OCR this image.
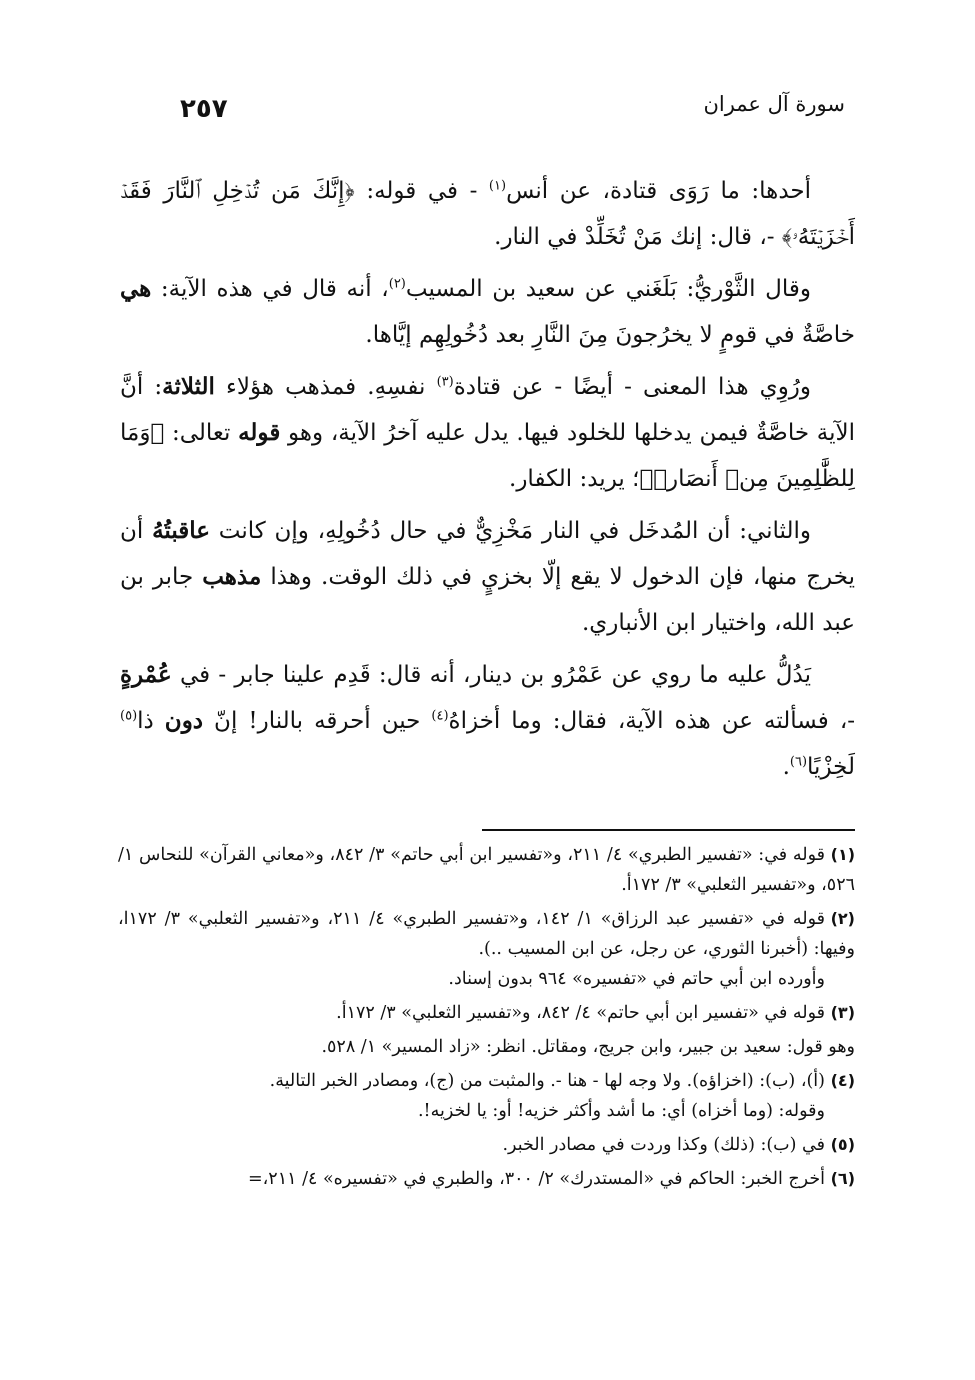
سورة آل عمران
٢٥٧

أحدها: ما رَوَى قتادة، عن أنس$^{(١)}$ - في قوله: ﴿إِنَّكَ مَن تُدۡخِلِ ٱلنَّارَ فَقَدۡ أَخۡزَيۡتَهُۥ﴾ -، قال: إنك مَنْ تُخَلِّدْ في النار.

وقال الثَّوْريُّ: بَلَغَني عن سعيد بن المسيب$^{(٢)}$، أنه قال في هذه الآية: هي خاصَّةٌ في قومٍ لا يخرُجونَ مِنَ النَّارِ بعد دُخُولِهِم إيَّاها.

ورُوِي هذا المعنى - أيضًا - عن قتادة$^{(٣)}$ نفسِهِ. فمذهب هؤلاء الثلاثة: أنَّ الآية خاصَّةٌ فيمن يدخلها للخلود فيها. يدل عليه آخرُ الآية، وهو قوله تعالى: ﴿وَمَا لِلظَّٰلِمِينَ مِنۡ أَنصَارٖ﴾؛ يريد: الكفار.

والثاني: أن المُدخَل في النار مَخْزِيٌّ في حال دُخُولِهِ، وإن كانت عاقبتُهُ أن يخرج منها، فإن الدخول لا يقع إلّا بخزيٍ في ذلك الوقت. وهذا مذهب جابر بن عبد الله، واختيار ابن الأنباري.

يَدُلُّ عليه ما روي عن عَمْرُو بن دينار، أنه قال: قَدِم علينا جابر - في عُمْرةٍ -، فسألته عن هذه الآية، فقال: وما أخزاهُ$^{(٤)}$ حين أحرقه بالنار! إنّ دون ذا$^{(٥)}$ لَخِزْيًا$^{(٦)}$.

(١)قوله في: «تفسير الطبري» ٤/ ٢١١، و«تفسير ابن أبي حاتم» ٣/ ٨٤٢، و«معاني القرآن» للنحاس ١/ ٥٢٦، و«تفسير الثعلبي» ٣/ ١٧٢أ.
(٢)قوله في «تفسير عبد الرزاق» ١/ ١٤٢، و«تفسير الطبري» ٤/ ٢١١، و«تفسير الثعلبي» ٣/ ١٧٢ا، وفيها: (أخبرنا الثوري، عن رجل، عن ابن المسيب ..).
وأورده ابن أبي حاتم في «تفسيره» ٩٦٤ بدون إسناد.
(٣)قوله في «تفسير ابن أبي حاتم» ٤/ ٨٤٢، و«تفسير الثعلبي» ٣/ ١٧٢أ.
وهو قول: سعيد بن جبير، وابن جريج، ومقاتل. انظر: «زاد المسير» ١/ ٥٢٨.
(٤)(أ)، (ب): (اخزاؤه). ولا وجه لها - هنا -. والمثبت من (ج)، ومصادر الخبر التالية.
وقوله: (وما أخزاه) أي: ما أشد وأكثر خزيه! أو: يا لخزيه!.
(٥)في (ب): (ذلك) وكذا وردت في مصادر الخبر.
(٦)أخرج الخبر: الحاكم في «المستدرك» ٢/ ٣٠٠، والطبري في «تفسيره» ٤/ ٢١١،=
